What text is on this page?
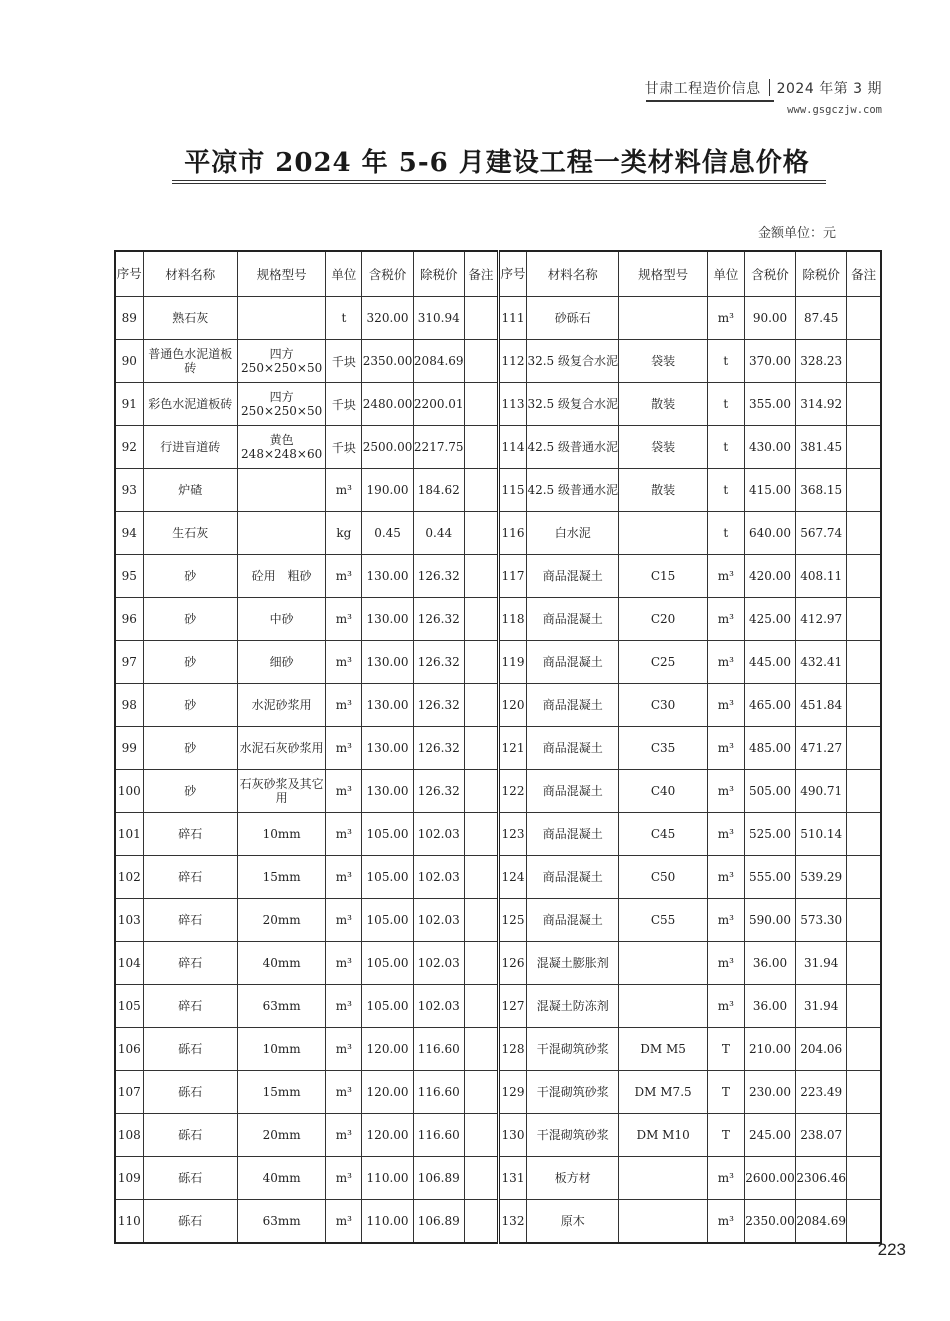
甘肃工程造价信息 2024 年第 3 期
www.gsgczjw.com
平凉市 2024 年 5-6 月建设工程一类材料信息价格
金额单位：元
序号	材料名称	规格型号	单位	含税价	除税价	备注	序号	材料名称	规格型号	单位	含税价	除税价	备注
89	熟石灰		t	320.00	310.94		111	砂砾石		m³	90.00	87.45	
90	普通色水泥道板砖	四方 250×250×50	千块	2350.00	2084.69		112	32.5 级复合水泥	袋装	t	370.00	328.23	
91	彩色水泥道板砖	四方 250×250×50	千块	2480.00	2200.01		113	32.5 级复合水泥	散装	t	355.00	314.92	
92	行进盲道砖	黄色 248×248×60	千块	2500.00	2217.75		114	42.5 级普通水泥	袋装	t	430.00	381.45	
93	炉碴		m³	190.00	184.62		115	42.5 级普通水泥	散装	t	415.00	368.15	
94	生石灰		kg	0.45	0.44		116	白水泥		t	640.00	567.74	
95	砂	砼用　粗砂	m³	130.00	126.32		117	商品混凝土	C15	m³	420.00	408.11	
96	砂	中砂	m³	130.00	126.32		118	商品混凝土	C20	m³	425.00	412.97	
97	砂	细砂	m³	130.00	126.32		119	商品混凝土	C25	m³	445.00	432.41	
98	砂	水泥砂浆用	m³	130.00	126.32		120	商品混凝土	C30	m³	465.00	451.84	
99	砂	水泥石灰砂浆用	m³	130.00	126.32		121	商品混凝土	C35	m³	485.00	471.27	
100	砂	石灰砂浆及其它用	m³	130.00	126.32		122	商品混凝土	C40	m³	505.00	490.71	
101	碎石	10mm	m³	105.00	102.03		123	商品混凝土	C45	m³	525.00	510.14	
102	碎石	15mm	m³	105.00	102.03		124	商品混凝土	C50	m³	555.00	539.29	
103	碎石	20mm	m³	105.00	102.03		125	商品混凝土	C55	m³	590.00	573.30	
104	碎石	40mm	m³	105.00	102.03		126	混凝土膨胀剂		m³	36.00	31.94	
105	碎石	63mm	m³	105.00	102.03		127	混凝土防冻剂		m³	36.00	31.94	
106	砾石	10mm	m³	120.00	116.60		128	干混砌筑砂浆	DM M5	T	210.00	204.06	
107	砾石	15mm	m³	120.00	116.60		129	干混砌筑砂浆	DM M7.5	T	230.00	223.49	
108	砾石	20mm	m³	120.00	116.60		130	干混砌筑砂浆	DM M10	T	245.00	238.07	
109	砾石	40mm	m³	110.00	106.89		131	板方材		m³	2600.00	2306.46	
110	砾石	63mm	m³	110.00	106.89		132	原木		m³	2350.00	2084.69	
223
